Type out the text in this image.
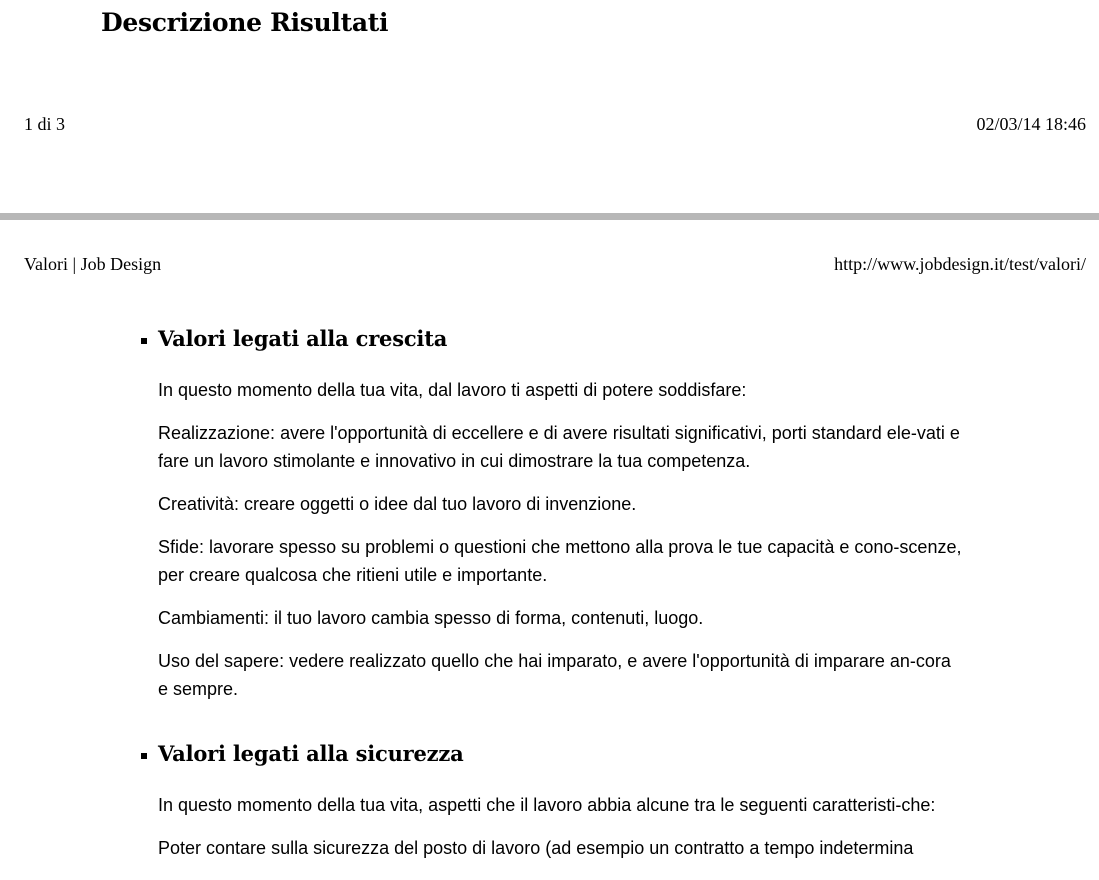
Descrizione Risultati
1 di 3	02/03/14 18:46
Valori | Job Design	http://www.jobdesign.it/test/valori/
Valori legati alla crescita

In questo momento della tua vita, dal lavoro ti aspetti di potere soddisfare:

Realizzazione: avere l'opportunità di eccellere e di avere risultati significativi, porti standard ele-vati e fare un lavoro stimolante e innovativo in cui dimostrare la tua competenza.

Creatività: creare oggetti o idee dal tuo lavoro di invenzione.

Sfide: lavorare spesso su problemi o questioni che mettono alla prova le tue capacità e cono-scenze, per creare qualcosa che ritieni utile e importante.

Cambiamenti: il tuo lavoro cambia spesso di forma, contenuti, luogo.

Uso del sapere: vedere realizzato quello che hai imparato, e avere l'opportunità di imparare an-cora e sempre.

Valori legati alla sicurezza

In questo momento della tua vita, aspetti che il lavoro abbia alcune tra le seguenti caratteristi-che:

Poter contare sulla sicurezza del posto di lavoro (ad esempio un contratto a tempo indetermina
